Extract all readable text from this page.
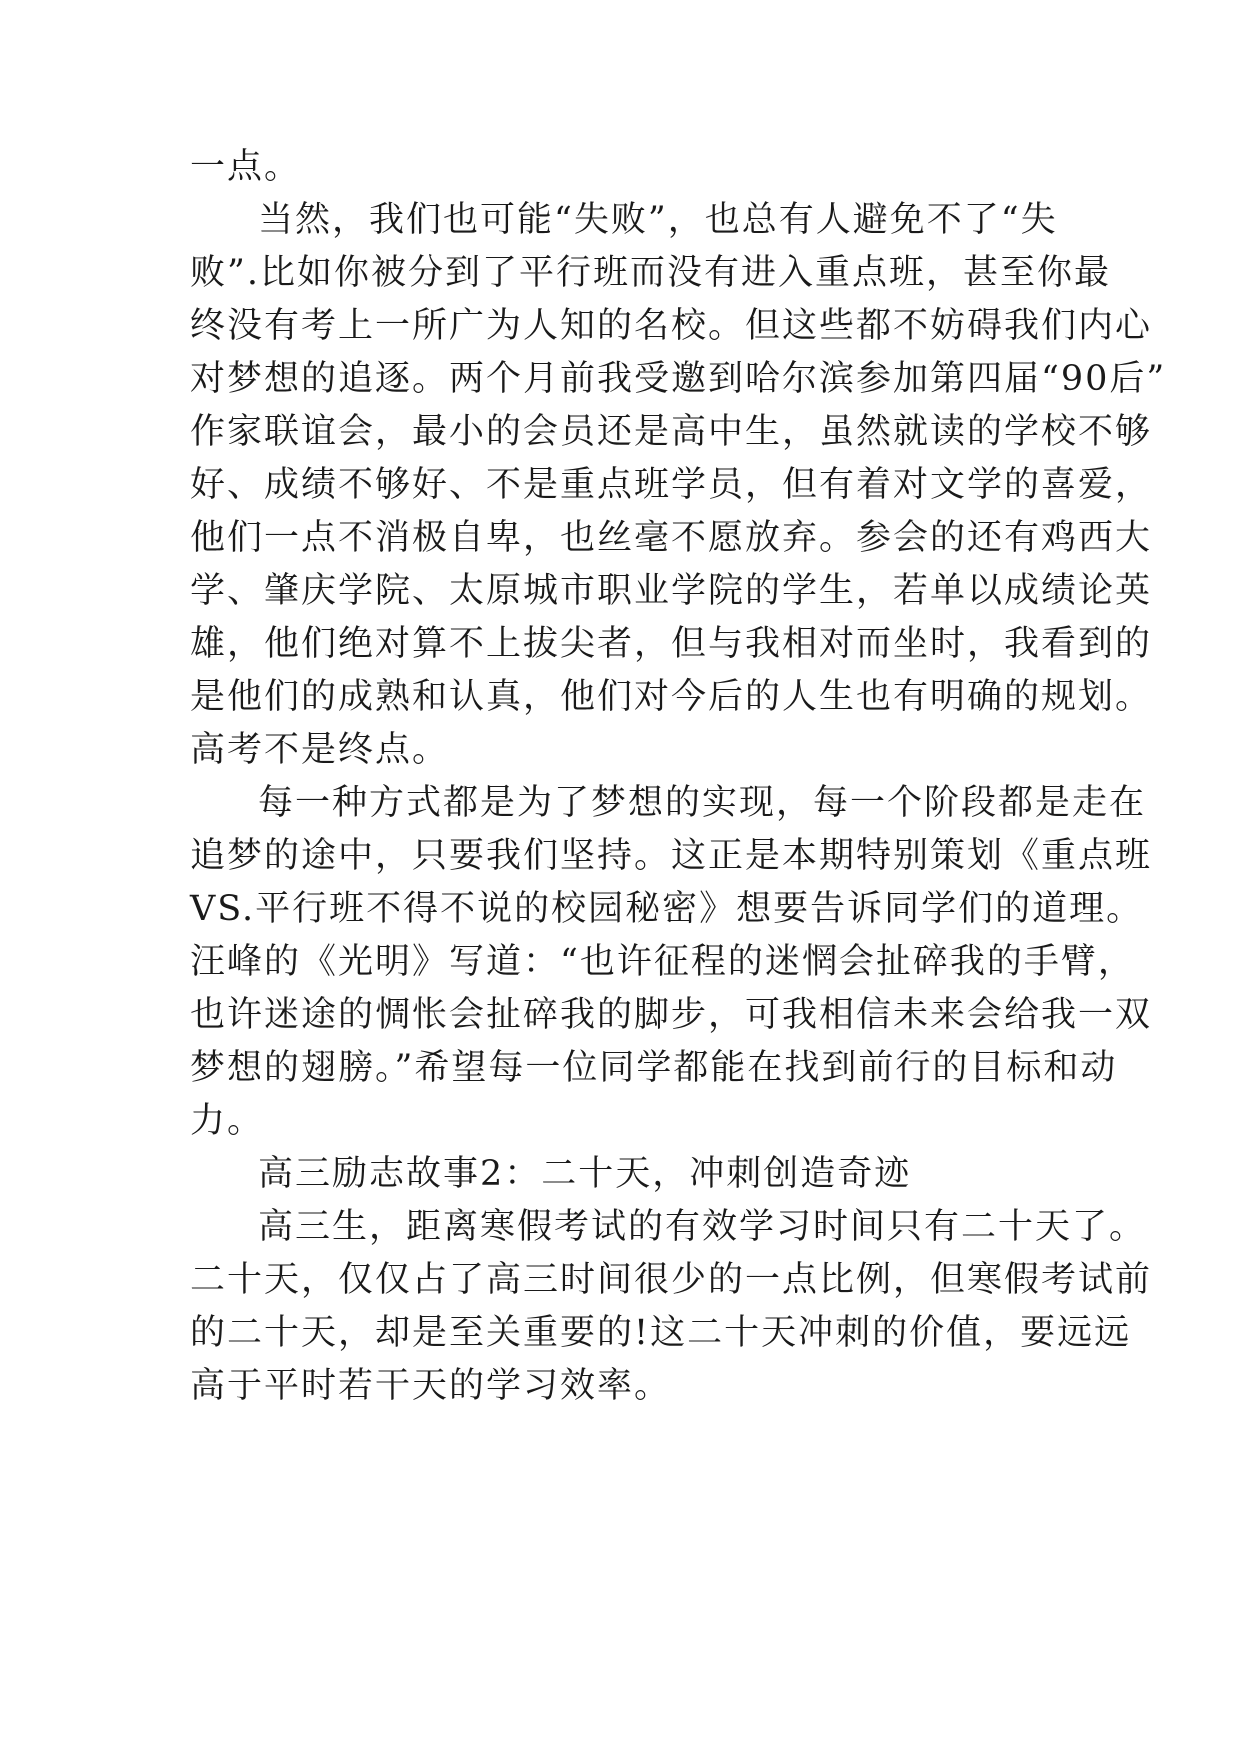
一点。
当然，我们也可能“失败”，也总有人避免不了“失
败”.比如你被分到了平行班而没有进入重点班，甚至你最
终没有考上一所广为人知的名校。但这些都不妨碍我们内心
对梦想的追逐。两个月前我受邀到哈尔滨参加第四届“90后”
作家联谊会，最小的会员还是高中生，虽然就读的学校不够
好、成绩不够好、不是重点班学员，但有着对文学的喜爱，
他们一点不消极自卑，也丝毫不愿放弃。参会的还有鸡西大
学、肇庆学院、太原城市职业学院的学生，若单以成绩论英
雄，他们绝对算不上拔尖者，但与我相对而坐时，我看到的
是他们的成熟和认真，他们对今后的人生也有明确的规划。
高考不是终点。
每一种方式都是为了梦想的实现，每一个阶段都是走在
追梦的途中，只要我们坚持。这正是本期特别策划《重点班
VS.平行班不得不说的校园秘密》想要告诉同学们的道理。
汪峰的《光明》写道：“也许征程的迷惘会扯碎我的手臂，
也许迷途的惆怅会扯碎我的脚步，可我相信未来会给我一双
梦想的翅膀。”希望每一位同学都能在找到前行的目标和动
力。
高三励志故事2：二十天，冲刺创造奇迹
高三生，距离寒假考试的有效学习时间只有二十天了。
二十天，仅仅占了高三时间很少的一点比例，但寒假考试前
的二十天，却是至关重要的!这二十天冲刺的价值，要远远
高于平时若干天的学习效率。
